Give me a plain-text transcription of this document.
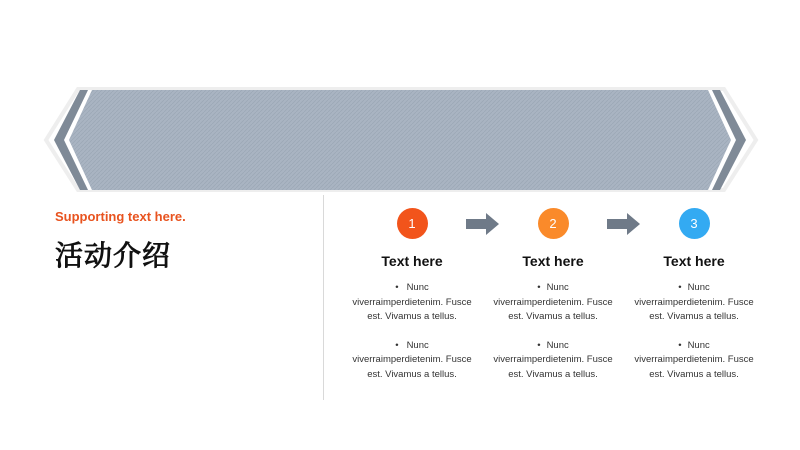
Supporting text here.
活动介绍
1
Text here
• Nunc viverraimperdietenim. Fusce est. Vivamus a tellus.
• Nunc viverraimperdietenim. Fusce est. Vivamus a tellus.
2
Text here
• Nunc viverraimperdietenim. Fusce est. Vivamus a tellus.
• Nunc viverraimperdietenim. Fusce est. Vivamus a tellus.
3
Text here
• Nunc viverraimperdietenim. Fusce est. Vivamus a tellus.
• Nunc viverraimperdietenim. Fusce est. Vivamus a tellus.
